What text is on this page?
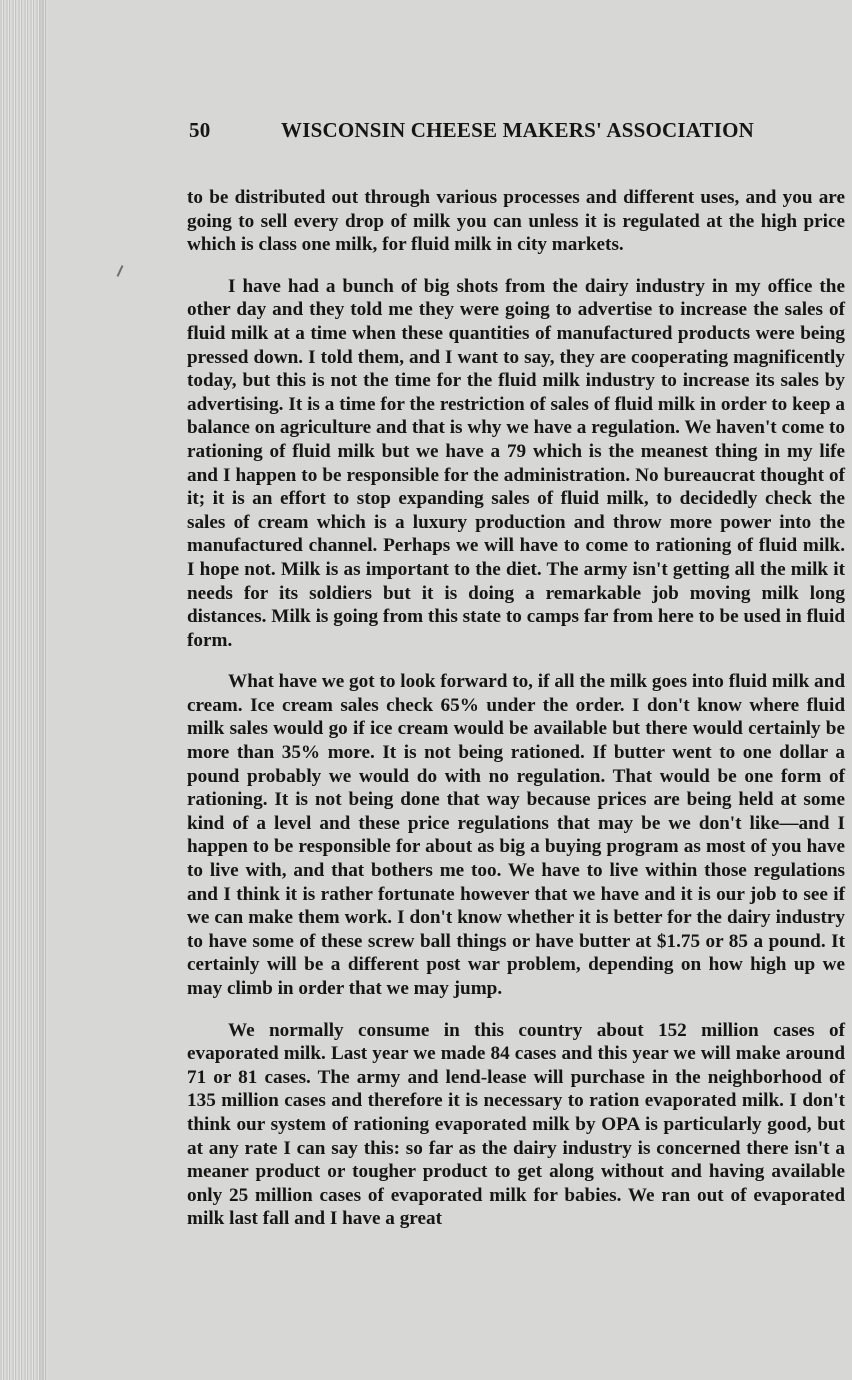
50	WISCONSIN CHEESE MAKERS' ASSOCIATION

to be distributed out through various processes and different uses, and you are going to sell every drop of milk you can unless it is regulated at the high price which is class one milk, for fluid milk in city markets.

I have had a bunch of big shots from the dairy industry in my office the other day and they told me they were going to advertise to increase the sales of fluid milk at a time when these quantities of manufactured products were being pressed down. I told them, and I want to say, they are cooperating magnificently today, but this is not the time for the fluid milk industry to increase its sales by advertising. It is a time for the restriction of sales of fluid milk in order to keep a balance on agriculture and that is why we have a regulation. We haven't come to rationing of fluid milk but we have a 79 which is the meanest thing in my life and I happen to be responsible for the administration. No bureaucrat thought of it; it is an effort to stop expanding sales of fluid milk, to decidedly check the sales of cream which is a luxury production and throw more power into the manufactured channel. Perhaps we will have to come to rationing of fluid milk. I hope not. Milk is as important to the diet. The army isn't getting all the milk it needs for its soldiers but it is doing a remarkable job moving milk long distances. Milk is going from this state to camps far from here to be used in fluid form.

What have we got to look forward to, if all the milk goes into fluid milk and cream. Ice cream sales check 65% under the order. I don't know where fluid milk sales would go if ice cream would be available but there would certainly be more than 35% more. It is not being rationed. If butter went to one dollar a pound probably we would do with no regulation. That would be one form of rationing. It is not being done that way because prices are being held at some kind of a level and these price regulations that may be we don't like—and I happen to be responsible for about as big a buying program as most of you have to live with, and that bothers me too. We have to live within those regulations and I think it is rather fortunate however that we have and it is our job to see if we can make them work. I don't know whether it is better for the dairy industry to have some of these screw ball things or have butter at $1.75 or 85 a pound. It certainly will be a different post war problem, depending on how high up we may climb in order that we may jump.

We normally consume in this country about 152 million cases of evaporated milk. Last year we made 84 cases and this year we will make around 71 or 81 cases. The army and lend-lease will purchase in the neighborhood of 135 million cases and therefore it is necessary to ration evaporated milk. I don't think our system of rationing evaporated milk by OPA is particularly good, but at any rate I can say this: so far as the dairy industry is concerned there isn't a meaner product or tougher product to get along without and having available only 25 million cases of evaporated milk for babies. We ran out of evaporated milk last fall and I have a great
